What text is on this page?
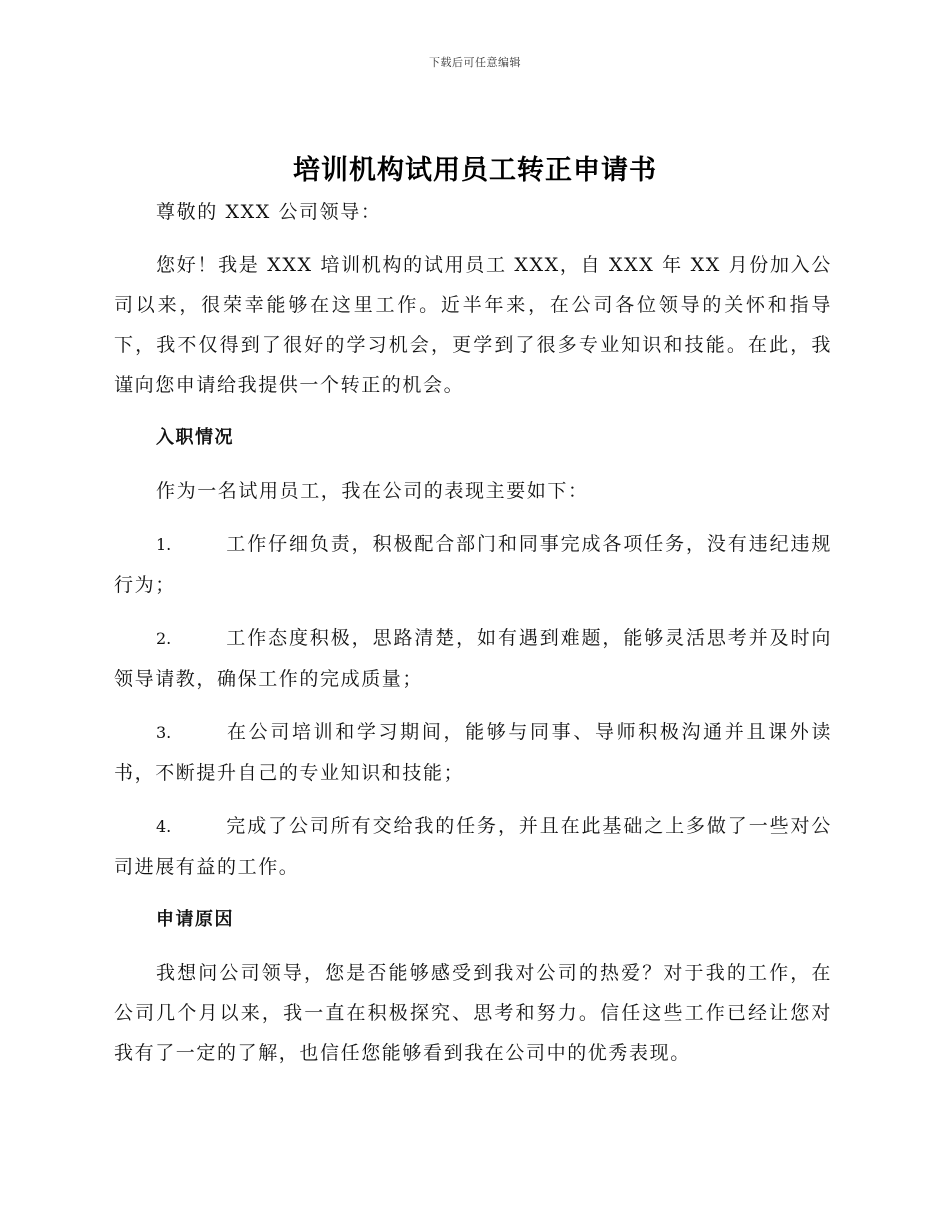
下载后可任意编辑
培训机构试用员工转正申请书

尊敬的 XXX 公司领导：

您好！我是 XXX 培训机构的试用员工 XXX，自 XXX 年 XX 月份加入公司以来，很荣幸能够在这里工作。近半年来，在公司各位领导的关怀和指导下，我不仅得到了很好的学习机会，更学到了很多专业知识和技能。在此，我谨向您申请给我提供一个转正的机会。

入职情况

作为一名试用员工，我在公司的表现主要如下：

1.	工作仔细负责，积极配合部门和同事完成各项任务，没有违纪违规行为；

2.	工作态度积极，思路清楚，如有遇到难题，能够灵活思考并及时向领导请教，确保工作的完成质量；

3.	在公司培训和学习期间，能够与同事、导师积极沟通并且课外读书，不断提升自己的专业知识和技能；

4.	完成了公司所有交给我的任务，并且在此基础之上多做了一些对公司进展有益的工作。

申请原因

我想问公司领导，您是否能够感受到我对公司的热爱？对于我的工作，在公司几个月以来，我一直在积极探究、思考和努力。信任这些工作已经让您对我有了一定的了解，也信任您能够看到我在公司中的优秀表现。
